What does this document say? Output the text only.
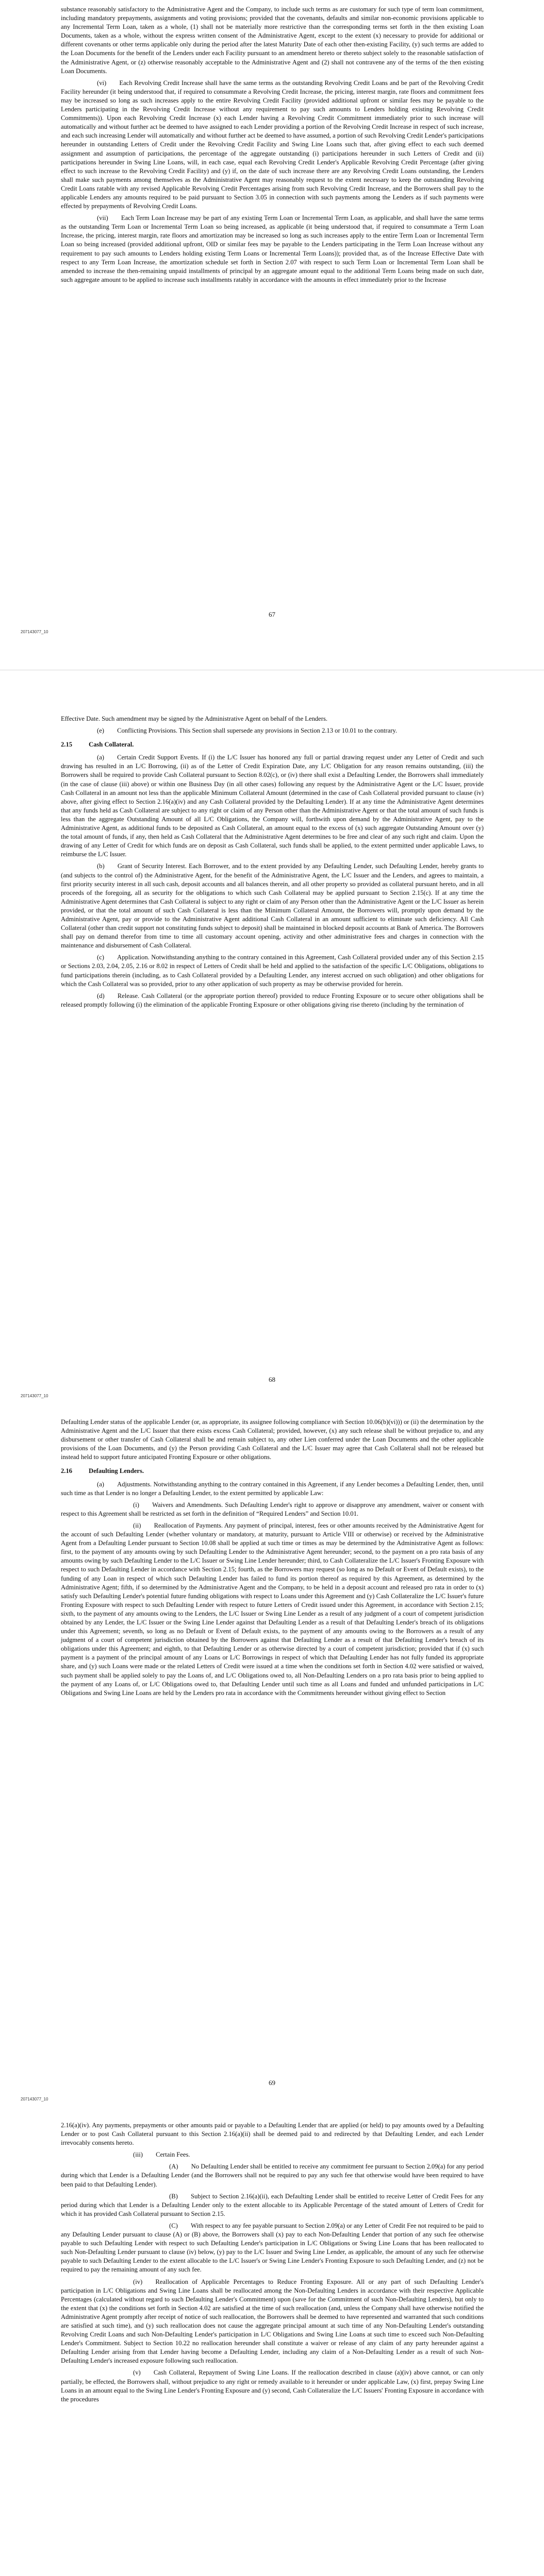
substance reasonably satisfactory to the Administrative Agent and the Company, to include such terms as are customary for such type of term loan commitment, including mandatory prepayments, assignments and voting provisions; provided that the covenants, defaults and similar non-economic provisions applicable to any Incremental Term Loan, taken as a whole, (1) shall not be materially more restrictive than the corresponding terms set forth in the then existing Loan Documents, taken as a whole, without the express written consent of the Administrative Agent, except to the extent (x) necessary to provide for additional or different covenants or other terms applicable only during the period after the latest Maturity Date of each other then-existing Facility, (y) such terms are added to the Loan Documents for the benefit of the Lenders under each Facility pursuant to an amendment hereto or thereto subject solely to the reasonable satisfaction of the Administrative Agent, or (z) otherwise reasonably acceptable to the Administrative Agent and (2) shall not contravene any of the terms of the then existing Loan Documents.

(vi)  Each Revolving Credit Increase shall have the same terms as the outstanding Revolving Credit Loans and be part of the Revolving Credit Facility hereunder (it being understood that, if required to consummate a Revolving Credit Increase, the pricing, interest margin, rate floors and commitment fees may be increased so long as such increases apply to the entire Revolving Credit Facility (provided additional upfront or similar fees may be payable to the Lenders participating in the Revolving Credit Increase without any requirement to pay such amounts to Lenders holding existing Revolving Credit Commitments)). Upon each Revolving Credit Increase (x) each Lender having a Revolving Credit Commitment immediately prior to such increase will automatically and without further act be deemed to have assigned to each Lender providing a portion of the Revolving Credit Increase in respect of such increase, and each such increasing Lender will automatically and without further act be deemed to have assumed, a portion of such Revolving Credit Lender's participations hereunder in outstanding Letters of Credit under the Revolving Credit Facility and Swing Line Loans such that, after giving effect to each such deemed assignment and assumption of participations, the percentage of the aggregate outstanding (i) participations hereunder in such Letters of Credit and (ii) participations hereunder in Swing Line Loans, will, in each case, equal each Revolving Credit Lender's Applicable Revolving Credit Percentage (after giving effect to such increase to the Revolving Credit Facility) and (y) if, on the date of such increase there are any Revolving Credit Loans outstanding, the Lenders shall make such payments among themselves as the Administrative Agent may reasonably request to the extent necessary to keep the outstanding Revolving Credit Loans ratable with any revised Applicable Revolving Credit Percentages arising from such Revolving Credit Increase, and the Borrowers shall pay to the applicable Lenders any amounts required to be paid pursuant to Section 3.05 in connection with such payments among the Lenders as if such payments were effected by prepayments of Revolving Credit Loans.

(vii)  Each Term Loan Increase may be part of any existing Term Loan or Incremental Term Loan, as applicable, and shall have the same terms as the outstanding Term Loan or Incremental Term Loan so being increased, as applicable (it being understood that, if required to consummate a Term Loan Increase, the pricing, interest margin, rate floors and amortization may be increased so long as such increases apply to the entire Term Loan or Incremental Term Loan so being increased (provided additional upfront, OID or similar fees may be payable to the Lenders participating in the Term Loan Increase without any requirement to pay such amounts to Lenders holding existing Term Loans or Incremental Term Loans)); provided that, as of the Increase Effective Date with respect to any Term Loan Increase, the amortization schedule set forth in Section 2.07 with respect to such Term Loan or Incremental Term Loan shall be amended to increase the then-remaining unpaid installments of principal by an aggregate amount equal to the additional Term Loans being made on such date, such aggregate amount to be applied to increase such installments ratably in accordance with the amounts in effect immediately prior to the Increase

67
207143077_10

Effective Date. Such amendment may be signed by the Administrative Agent on behalf of the Lenders.

(e)  Conflicting Provisions. This Section shall supersede any provisions in Section 2.13 or 10.01 to the contrary.

2.15	Cash Collateral.

(a)  Certain Credit Support Events. If (i) the L/C Issuer has honored any full or partial drawing request under any Letter of Credit and such drawing has resulted in an L/C Borrowing, (ii) as of the Letter of Credit Expiration Date, any L/C Obligation for any reason remains outstanding, (iii) the Borrowers shall be required to provide Cash Collateral pursuant to Section 8.02(c), or (iv) there shall exist a Defaulting Lender, the Borrowers shall immediately (in the case of clause (iii) above) or within one Business Day (in all other cases) following any request by the Administrative Agent or the L/C Issuer, provide Cash Collateral in an amount not less than the applicable Minimum Collateral Amount (determined in the case of Cash Collateral provided pursuant to clause (iv) above, after giving effect to Section 2.16(a)(iv) and any Cash Collateral provided by the Defaulting Lender). If at any time the Administrative Agent determines that any funds held as Cash Collateral are subject to any right or claim of any Person other than the Administrative Agent or that the total amount of such funds is less than the aggregate Outstanding Amount of all L/C Obligations, the Company will, forthwith upon demand by the Administrative Agent, pay to the Administrative Agent, as additional funds to be deposited as Cash Collateral, an amount equal to the excess of (x) such aggregate Outstanding Amount over (y) the total amount of funds, if any, then held as Cash Collateral that the Administrative Agent determines to be free and clear of any such right and claim. Upon the drawing of any Letter of Credit for which funds are on deposit as Cash Collateral, such funds shall be applied, to the extent permitted under applicable Laws, to reimburse the L/C Issuer.

(b)  Grant of Security Interest. Each Borrower, and to the extent provided by any Defaulting Lender, such Defaulting Lender, hereby grants to (and subjects to the control of) the Administrative Agent, for the benefit of the Administrative Agent, the L/C Issuer and the Lenders, and agrees to maintain, a first priority security interest in all such cash, deposit accounts and all balances therein, and all other property so provided as collateral pursuant hereto, and in all proceeds of the foregoing, all as security for the obligations to which such Cash Collateral may be applied pursuant to Section 2.15(c). If at any time the Administrative Agent determines that Cash Collateral is subject to any right or claim of any Person other than the Administrative Agent or the L/C Issuer as herein provided, or that the total amount of such Cash Collateral is less than the Minimum Collateral Amount, the Borrowers will, promptly upon demand by the Administrative Agent, pay or provide to the Administrative Agent additional Cash Collateral in an amount sufficient to eliminate such deficiency. All Cash Collateral (other than credit support not constituting funds subject to deposit) shall be maintained in blocked deposit accounts at Bank of America. The Borrowers shall pay on demand therefor from time to time all customary account opening, activity and other administrative fees and charges in connection with the maintenance and disbursement of Cash Collateral.

(c)  Application. Notwithstanding anything to the contrary contained in this Agreement, Cash Collateral provided under any of this Section 2.15 or Sections 2.03, 2.04, 2.05, 2.16 or 8.02 in respect of Letters of Credit shall be held and applied to the satisfaction of the specific L/C Obligations, obligations to fund participations therein (including, as to Cash Collateral provided by a Defaulting Lender, any interest accrued on such obligation) and other obligations for which the Cash Collateral was so provided, prior to any other application of such property as may be otherwise provided for herein.

(d)  Release. Cash Collateral (or the appropriate portion thereof) provided to reduce Fronting Exposure or to secure other obligations shall be released promptly following (i) the elimination of the applicable Fronting Exposure or other obligations giving rise thereto (including by the termination of

68
207143077_10

Defaulting Lender status of the applicable Lender (or, as appropriate, its assignee following compliance with Section 10.06(b)(vi))) or (ii) the determination by the Administrative Agent and the L/C Issuer that there exists excess Cash Collateral; provided, however, (x) any such release shall be without prejudice to, and any disbursement or other transfer of Cash Collateral shall be and remain subject to, any other Lien conferred under the Loan Documents and the other applicable provisions of the Loan Documents, and (y) the Person providing Cash Collateral and the L/C Issuer may agree that Cash Collateral shall not be released but instead held to support future anticipated Fronting Exposure or other obligations.

2.16	Defaulting Lenders.

(a)  Adjustments. Notwithstanding anything to the contrary contained in this Agreement, if any Lender becomes a Defaulting Lender, then, until such time as that Lender is no longer a Defaulting Lender, to the extent permitted by applicable Law:

(i)  Waivers and Amendments. Such Defaulting Lender's right to approve or disapprove any amendment, waiver or consent with respect to this Agreement shall be restricted as set forth in the definition of “Required Lenders” and Section 10.01.

(ii)  Reallocation of Payments. Any payment of principal, interest, fees or other amounts received by the Administrative Agent for the account of such Defaulting Lender (whether voluntary or mandatory, at maturity, pursuant to Article VIII or otherwise) or received by the Administrative Agent from a Defaulting Lender pursuant to Section 10.08 shall be applied at such time or times as may be determined by the Administrative Agent as follows: first, to the payment of any amounts owing by such Defaulting Lender to the Administrative Agent hereunder; second, to the payment on a pro rata basis of any amounts owing by such Defaulting Lender to the L/C Issuer or Swing Line Lender hereunder; third, to Cash Collateralize the L/C Issuer's Fronting Exposure with respect to such Defaulting Lender in accordance with Section 2.15; fourth, as the Borrowers may request (so long as no Default or Event of Default exists), to the funding of any Loan in respect of which such Defaulting Lender has failed to fund its portion thereof as required by this Agreement, as determined by the Administrative Agent; fifth, if so determined by the Administrative Agent and the Company, to be held in a deposit account and released pro rata in order to (x) satisfy such Defaulting Lender's potential future funding obligations with respect to Loans under this Agreement and (y) Cash Collateralize the L/C Issuer's future Fronting Exposure with respect to such Defaulting Lender with respect to future Letters of Credit issued under this Agreement, in accordance with Section 2.15; sixth, to the payment of any amounts owing to the Lenders, the L/C Issuer or Swing Line Lender as a result of any judgment of a court of competent jurisdiction obtained by any Lender, the L/C Issuer or the Swing Line Lender against that Defaulting Lender as a result of that Defaulting Lender's breach of its obligations under this Agreement; seventh, so long as no Default or Event of Default exists, to the payment of any amounts owing to the Borrowers as a result of any judgment of a court of competent jurisdiction obtained by the Borrowers against that Defaulting Lender as a result of that Defaulting Lender's breach of its obligations under this Agreement; and eighth, to that Defaulting Lender or as otherwise directed by a court of competent jurisdiction; provided that if (x) such payment is a payment of the principal amount of any Loans or L/C Borrowings in respect of which that Defaulting Lender has not fully funded its appropriate share, and (y) such Loans were made or the related Letters of Credit were issued at a time when the conditions set forth in Section 4.02 were satisfied or waived, such payment shall be applied solely to pay the Loans of, and L/C Obligations owed to, all Non-Defaulting Lenders on a pro rata basis prior to being applied to the payment of any Loans of, or L/C Obligations owed to, that Defaulting Lender until such time as all Loans and funded and unfunded participations in L/C Obligations and Swing Line Loans are held by the Lenders pro rata in accordance with the Commitments hereunder without giving effect to Section

69
207143077_10

2.16(a)(iv). Any payments, prepayments or other amounts paid or payable to a Defaulting Lender that are applied (or held) to pay amounts owed by a Defaulting Lender or to post Cash Collateral pursuant to this Section 2.16(a)(ii) shall be deemed paid to and redirected by that Defaulting Lender, and each Lender irrevocably consents hereto.

(iii)  Certain Fees.

(A)  No Defaulting Lender shall be entitled to receive any commitment fee pursuant to Section 2.09(a) for any period during which that Lender is a Defaulting Lender (and the Borrowers shall not be required to pay any such fee that otherwise would have been required to have been paid to that Defaulting Lender).

(B)  Subject to Section 2.16(a)(ii), each Defaulting Lender shall be entitled to receive Letter of Credit Fees for any period during which that Lender is a Defaulting Lender only to the extent allocable to its Applicable Percentage of the stated amount of Letters of Credit for which it has provided Cash Collateral pursuant to Section 2.15.

(C)  With respect to any fee payable pursuant to Section 2.09(a) or any Letter of Credit Fee not required to be paid to any Defaulting Lender pursuant to clause (A) or (B) above, the Borrowers shall (x) pay to each Non-Defaulting Lender that portion of any such fee otherwise payable to such Defaulting Lender with respect to such Defaulting Lender's participation in L/C Obligations or Swing Line Loans that has been reallocated to such Non-Defaulting Lender pursuant to clause (iv) below, (y) pay to the L/C Issuer and Swing Line Lender, as applicable, the amount of any such fee otherwise payable to such Defaulting Lender to the extent allocable to the L/C Issuer's or Swing Line Lender's Fronting Exposure to such Defaulting Lender, and (z) not be required to pay the remaining amount of any such fee.

(iv)  Reallocation of Applicable Percentages to Reduce Fronting Exposure. All or any part of such Defaulting Lender's participation in L/C Obligations and Swing Line Loans shall be reallocated among the Non-Defaulting Lenders in accordance with their respective Applicable Percentages (calculated without regard to such Defaulting Lender's Commitment) upon (save for the Commitment of such Non-Defaulting Lenders), but only to the extent that (x) the conditions set forth in Section 4.02 are satisfied at the time of such reallocation (and, unless the Company shall have otherwise notified the Administrative Agent promptly after receipt of notice of such reallocation, the Borrowers shall be deemed to have represented and warranted that such conditions are satisfied at such time), and (y) such reallocation does not cause the aggregate principal amount at such time of any Non-Defaulting Lender's outstanding Revolving Credit Loans and such Non-Defaulting Lender's participation in L/C Obligations and Swing Line Loans at such time to exceed such Non-Defaulting Lender's Commitment. Subject to Section 10.22 no reallocation hereunder shall constitute a waiver or release of any claim of any party hereunder against a Defaulting Lender arising from that Lender having become a Defaulting Lender, including any claim of a Non-Defaulting Lender as a result of such Non-Defaulting Lender's increased exposure following such reallocation.

(v)  Cash Collateral, Repayment of Swing Line Loans. If the reallocation described in clause (a)(iv) above cannot, or can only partially, be effected, the Borrowers shall, without prejudice to any right or remedy available to it hereunder or under applicable Law, (x) first, prepay Swing Line Loans in an amount equal to the Swing Line Lender's Fronting Exposure and (y) second, Cash Collateralize the L/C Issuers' Fronting Exposure in accordance with the procedures
